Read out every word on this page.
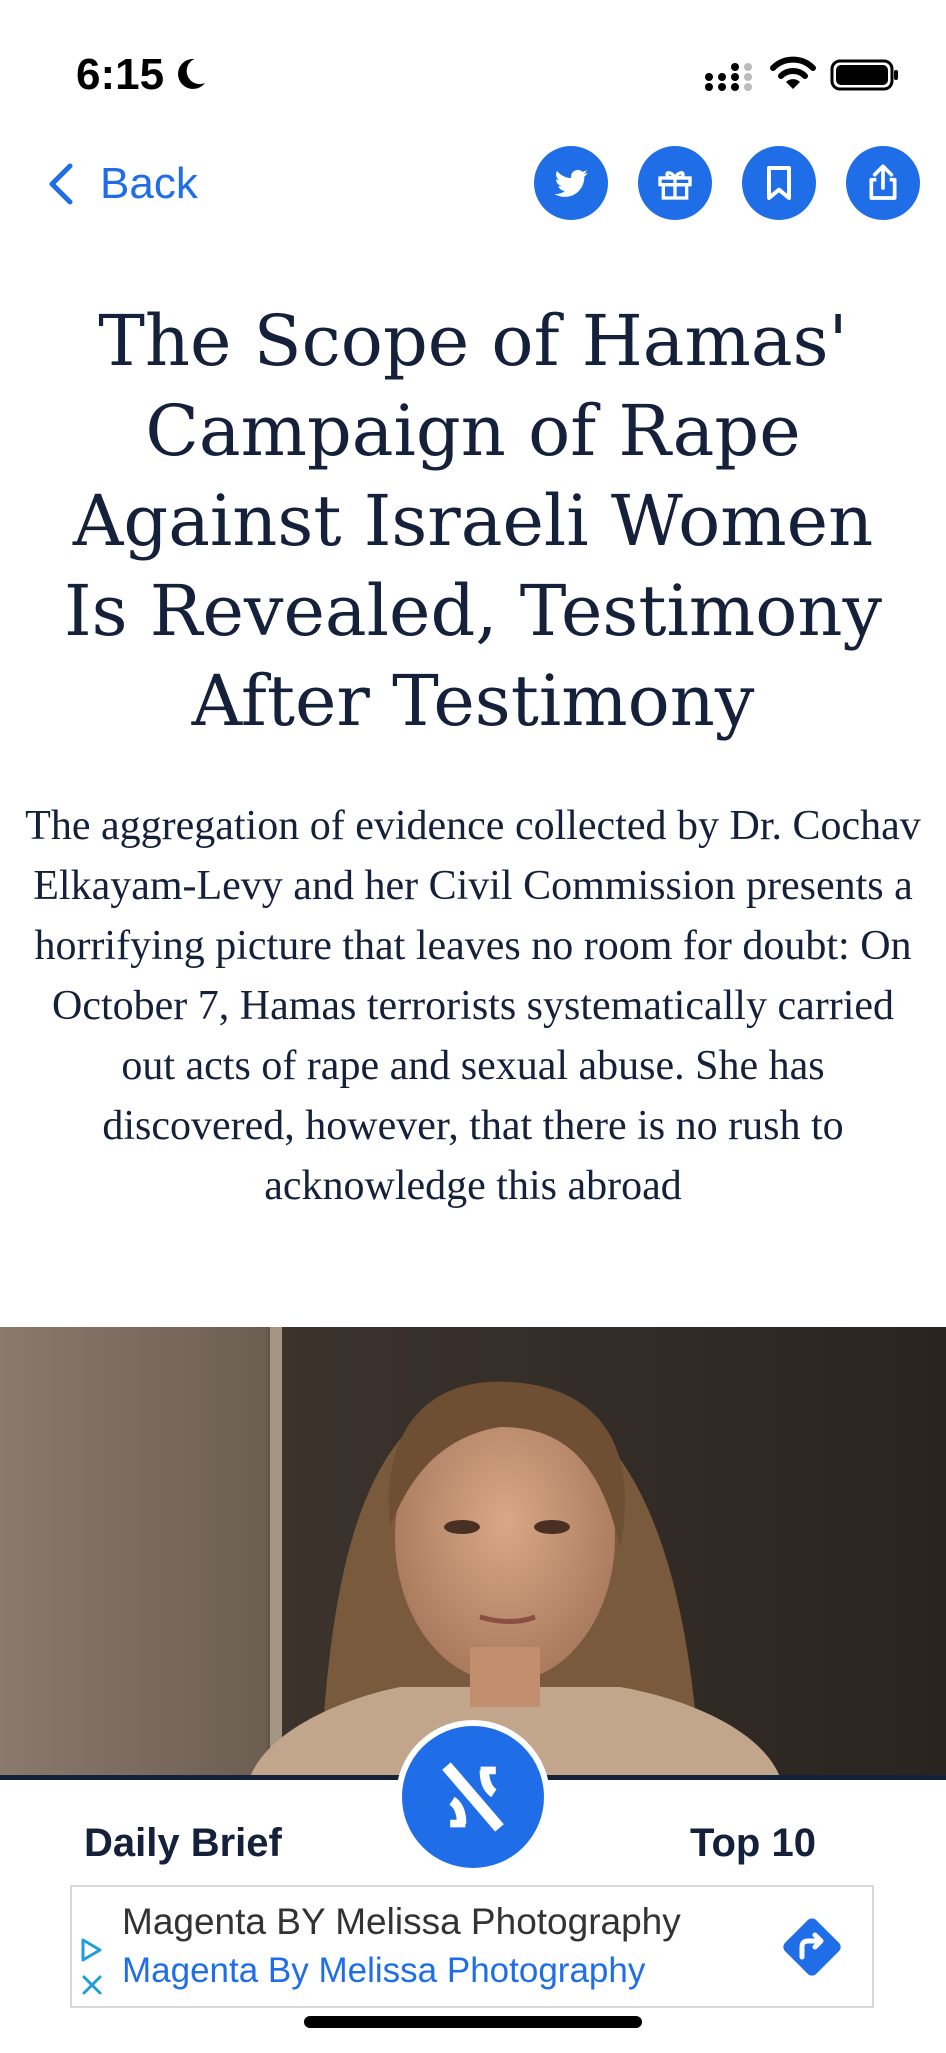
6:15
Back
The Scope of Hamas' Campaign of Rape Against Israeli Women Is Revealed, Testimony After Testimony

The aggregation of evidence collected by Dr. Cochav Elkayam-Levy and her Civil Commission presents a horrifying picture that leaves no room for doubt: On October 7, Hamas terrorists systematically carried out acts of rape and sexual abuse. She has discovered, however, that there is no rush to acknowledge this abroad

Daily Brief	Top 10
Magenta BY Melissa Photography
Magenta By Melissa Photography
